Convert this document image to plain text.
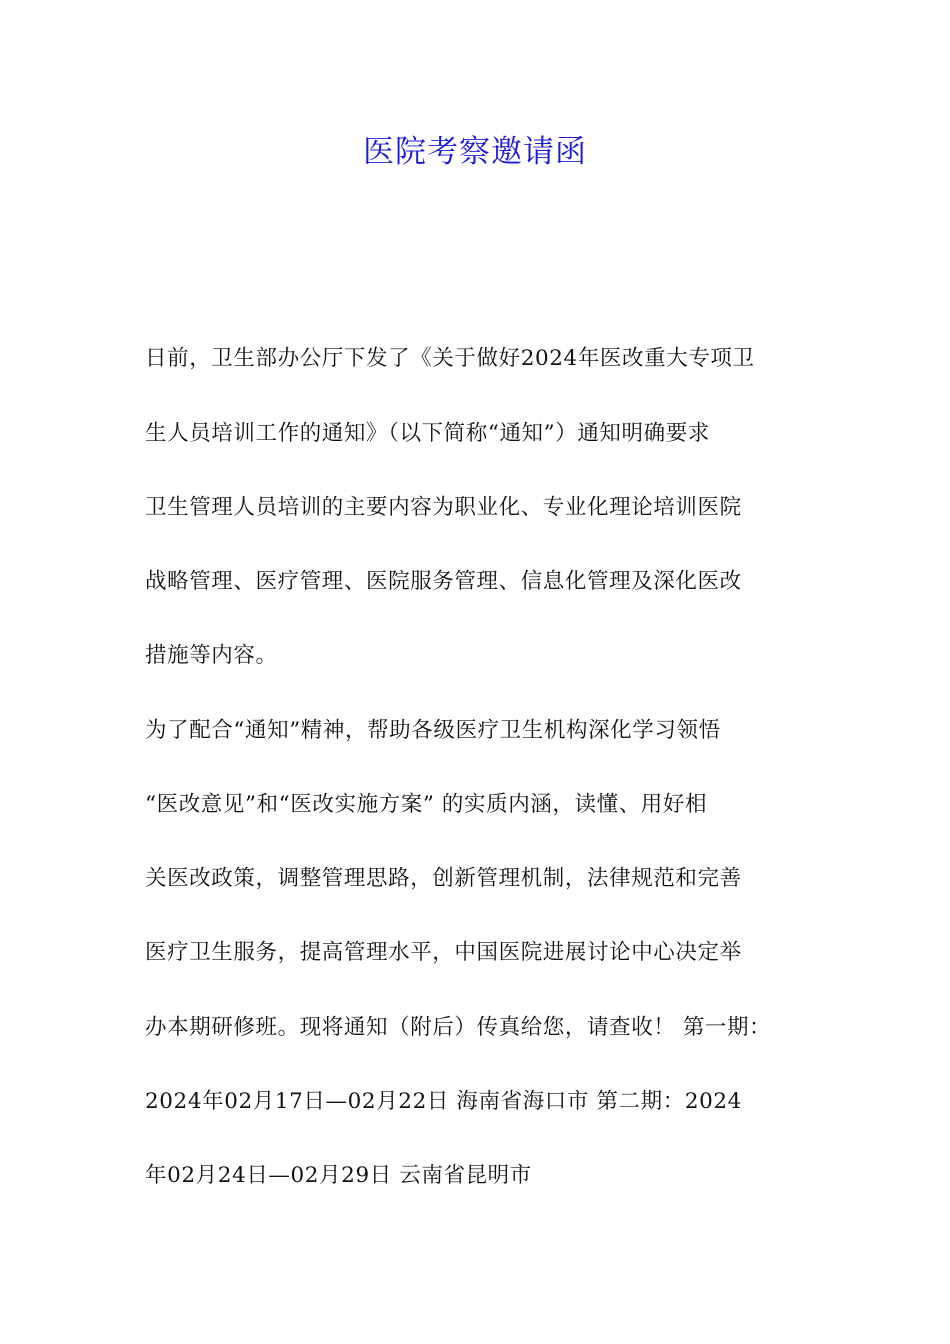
医院考察邀请函
日前，卫生部办公厅下发了《关于做好2024年医改重大专项卫
生人员培训工作的通知》（以下简称“通知”）通知明确要求
卫生管理人员培训的主要内容为职业化、专业化理论培训医院
战略管理、医疗管理、医院服务管理、信息化管理及深化医改
措施等内容。
为了配合“通知”精神，帮助各级医疗卫生机构深化学习领悟
“医改意见”和“医改实施方案” 的实质内涵，读懂、用好相
关医改政策，调整管理思路，创新管理机制，法律规范和完善
医疗卫生服务，提高管理水平，中国医院进展讨论中心决定举
办本期研修班。现将通知（附后）传真给您，请查收！ 第一期：
2024年02月17日—02月22日 海南省海口市 第二期：2024
年02月24日—02月29日 云南省昆明市
